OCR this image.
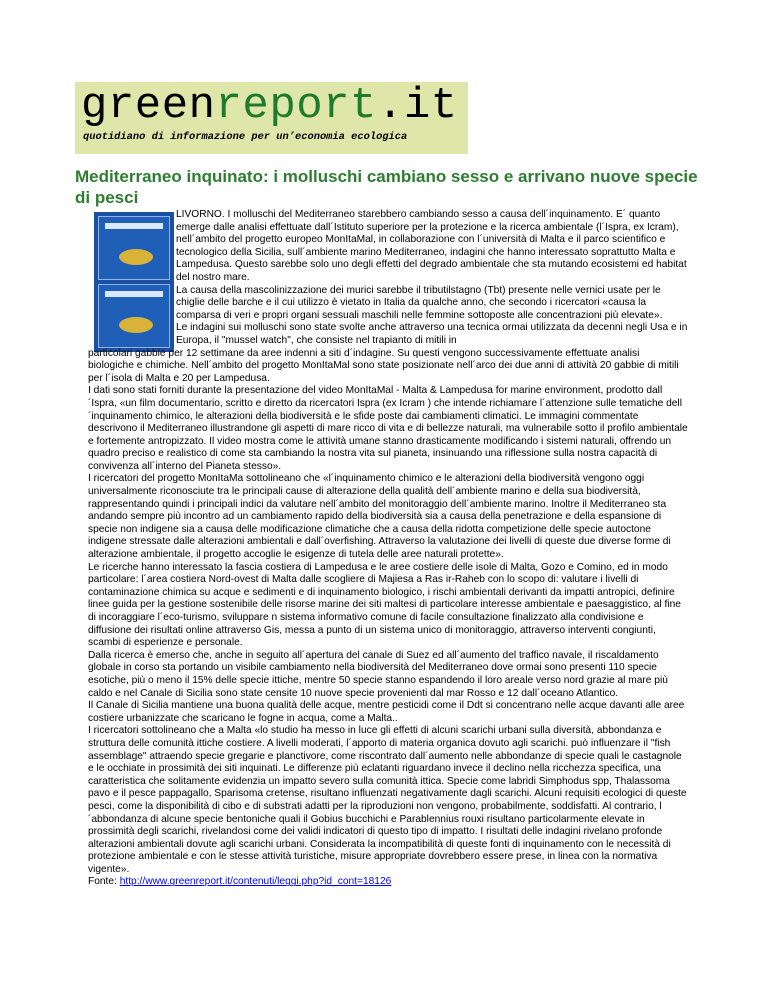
greenreport.it
quotidiano di informazione per un’economia ecologica
Mediterraneo inquinato: i molluschi cambiano sesso e arrivano nuove specie di pesci

LIVORNO. I molluschi del Mediterraneo starebbero cambiando sesso a causa dell´inquinamento. E´ quanto emerge dalle analisi effettuate dall´Istituto superiore per la protezione e la ricerca ambientale (l´Ispra, ex Icram), nell´ambito del progetto europeo MonItaMal, in collaborazione con l´università di Malta e il parco scientifico e tecnologico della Sicilia, sull´ambiente marino Mediterraneo, indagini che hanno interessato soprattutto Malta e Lampedusa. Questo sarebbe solo uno degli effetti del degrado ambientale che sta mutando ecosistemi ed habitat del nostro mare.

La causa della mascolinizzazione dei murici sarebbe il tributilstagno (Tbt) presente nelle vernici usate per le chiglie delle barche e il cui utilizzo è vietato in Italia da qualche anno, che secondo i ricercatori «causa la comparsa di veri e propri organi sessuali maschili nelle femmine sottoposte alle concentrazioni più elevate».

Le indagini sui molluschi sono state svolte anche attraverso una tecnica ormai utilizzata da decenni negli Usa e in Europa, il "mussel watch", che consiste nel trapianto di mitili in

particolari gabbie per 12 settimane da aree indenni a siti d´indagine. Su questi vengono successivamente effettuate analisi biologiche e chimiche. Nell´ambito del progetto MonItaMal sono state posizionate nell´arco dei due anni di attività 20 gabbie di mitili per l´isola di Malta e 20 per Lampedusa.

I dati sono stati forniti durante la presentazione del video MonItaMal - Malta & Lampedusa for marine environment, prodotto dall´Ispra, «un film documentario, scritto e diretto da ricercatori Ispra (ex Icram ) che intende richiamare l´attenzione sulle tematiche dell´inquinamento chimico, le alterazioni della biodiversità e le sfide poste dai cambiamenti climatici. Le immagini commentate descrivono il Mediterraneo illustrandone gli aspetti di mare ricco di vita e di bellezze naturali, ma vulnerabile sotto il profilo ambientale e fortemente antropizzato. Il video mostra come le attività umane stanno drasticamente modificando i sistemi naturali, offrendo un quadro preciso e realistico di come sta cambiando la nostra vita sul pianeta, insinuando una riflessione sulla nostra capacità di convivenza all´interno del Pianeta stesso».

I ricercatori del progetto MonItaMa sottolineano che «l´inquinamento chimico e le alterazioni della biodiversità vengono oggi universalmente riconosciute tra le principali cause di alterazione della qualità dell´ambiente marino e della sua biodiversità, rappresentando quindi i principali indici da valutare nell´ambito del monitoraggio dell´ambiente marino. Inoltre il Mediterraneo sta andando sempre più incontro ad un cambiamento rapido della biodiversità sia a causa della penetrazione e della espansione di specie non indigene sia a causa delle modificazione climatiche che a causa della ridotta competizione delle specie autoctone indigene stressate dalle alterazioni ambientali e dall´overfishing. Attraverso la valutazione dei livelli di queste due diverse forme di alterazione ambientale, il progetto accoglie le esigenze di tutela delle aree naturali protette».

Le ricerche hanno interessato la fascia costiera di Lampedusa e le aree costiere delle isole di Malta, Gozo e Comino, ed in modo particolare: l´area costiera Nord-ovest di Malta dalle scogliere di Majiesa a Ras ir-Raheb con lo scopo di: valutare i livelli di contaminazione chimica su acque e sedimenti e di inquinamento biologico, i rischi ambientali derivanti da impatti antropici, definire linee guida per la gestione sostenibile delle risorse marine dei siti maltesi di particolare interesse ambientale e paesaggistico, al fine di incoraggiare l´eco-turismo, sviluppare n sistema informativo comune di facile consultazione finalizzato alla condivisione e diffusione dei risultati online attraverso Gis, messa a punto di un sistema unico di monitoraggio, attraverso interventi congiunti, scambi di esperienze e personale.

Dalla ricerca è emerso che, anche in seguito all´apertura del canale di Suez ed all´aumento del traffico navale, il riscaldamento globale in corso sta portando un visibile cambiamento nella biodiversità del Mediterraneo dove ormai sono presenti 110 specie esotiche, più o meno il 15% delle specie ittiche, mentre 50 specie stanno espandendo il loro areale verso nord grazie al mare più caldo e nel Canale di Sicilia sono state censite 10 nuove specie provenienti dal mar Rosso e 12 dall´oceano Atlantico.

Il Canale di Sicilia mantiene una buona qualità delle acque, mentre pesticidi come il Ddt si concentrano nelle acque davanti alle aree costiere urbanizzate che scaricano le fogne in acqua, come a Malta..

I ricercatori sottolineano che a Malta «lo studio ha messo in luce gli effetti di alcuni scarichi urbani sulla diversità, abbondanza e struttura delle comunità ittiche costiere. A livelli moderati, l´apporto di materia organica dovuto agli scarichi. può influenzare il "fish assemblage" attraendo specie gregarie e planctivore, come riscontrato dall´aumento nelle abbondanze di specie quali le castagnole e le occhiate in prossimità dei siti inquinati. Le differenze più eclatanti riguardano invece il declino nella ricchezza specifica, una caratteristica che solitamente evidenzia un impatto severo sulla comunità ittica. Specie come labridi Simphodus spp, Thalassoma pavo e il pesce pappagallo, Sparisoma cretense, risultano influenzati negativamente dagli scarichi. Alcuni requisiti ecologici di queste pesci, come la disponibilità di cibo e di substrati adatti per la riproduzioni non vengono, probabilmente, soddisfatti. Al contrario, l´abbondanza di alcune specie bentoniche quali il Gobius bucchichi e Parablennius rouxi risultano particolarmente elevate in prossimità degli scarichi, rivelandosi come dei validi indicatori di questo tipo di impatto. I risultati delle indagini rivelano profonde alterazioni ambientali dovute agli scarichi urbani. Considerata la incompatibilità di queste fonti di inquinamento con le necessità di protezione ambientale e con le stesse attività turistiche, misure appropriate dovrebbero essere prese, in linea con la normativa vigente».

Fonte: http://www.greenreport.it/contenuti/leggi.php?id_cont=18126
